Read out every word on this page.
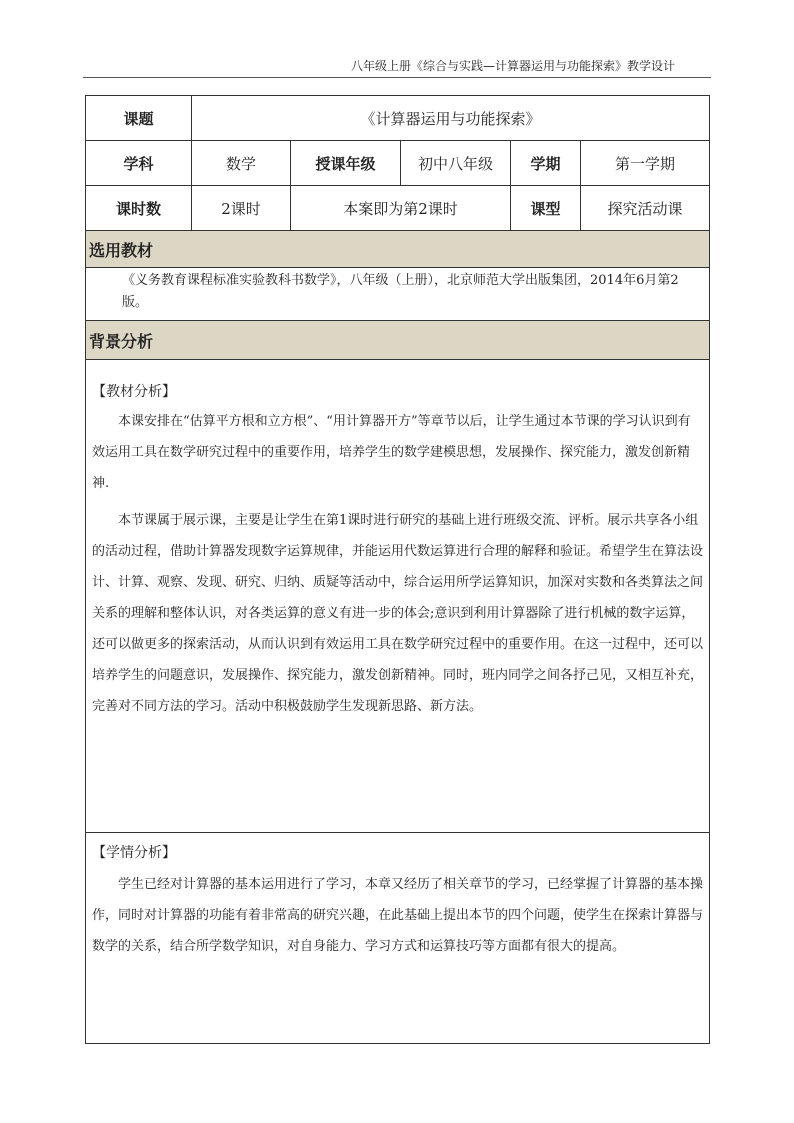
八年级上册《综合与实践—计算器运用与功能探索》教学设计
课题	《计算器运用与功能探索》				
学科	数学	授课年级	初中八年级	学期	第一学期
课时数	2课时	本案即为第2课时		课型	探究活动课
选用教材					

《义务教育课程标准实验教科书数学》，八年级（上册），北京师范大学出版集团，2014年6月第2版。					

背景分析					

【教材分析】

本课安排在“估算平方根和立方根”、“用计算器开方”等章节以后，让学生通过本节课的学习认识到有效运用工具在数学研究过程中的重要作用，培养学生的数学建模思想，发展操作、探究能力，激发创新精神.

本节课属于展示课，主要是让学生在第1课时进行研究的基础上进行班级交流、评析。展示共享各小组的活动过程，借助计算器发现数字运算规律，并能运用代数运算进行合理的解释和验证。希望学生在算法设计、计算、观察、发现、研究、归纳、质疑等活动中，综合运用所学运算知识，加深对实数和各类算法之间关系的理解和整体认识，对各类运算的意义有进一步的体会;意识到利用计算器除了进行机械的数字运算，还可以做更多的探索活动，从而认识到有效运用工具在数学研究过程中的重要作用。在这一过程中，还可以培养学生的问题意识，发展操作、探究能力，激发创新精神。同时，班内同学之间各抒己见，又相互补充，完善对不同方法的学习。活动中积极鼓励学生发现新思路、新方法。					

【学情分析】

学生已经对计算器的基本运用进行了学习，本章又经历了相关章节的学习，已经掌握了计算器的基本操作，同时对计算器的功能有着非常高的研究兴趣，在此基础上提出本节的四个问题，使学生在探索计算器与数学的关系，结合所学数学知识，对自身能力、学习方式和运算技巧等方面都有很大的提高。					
